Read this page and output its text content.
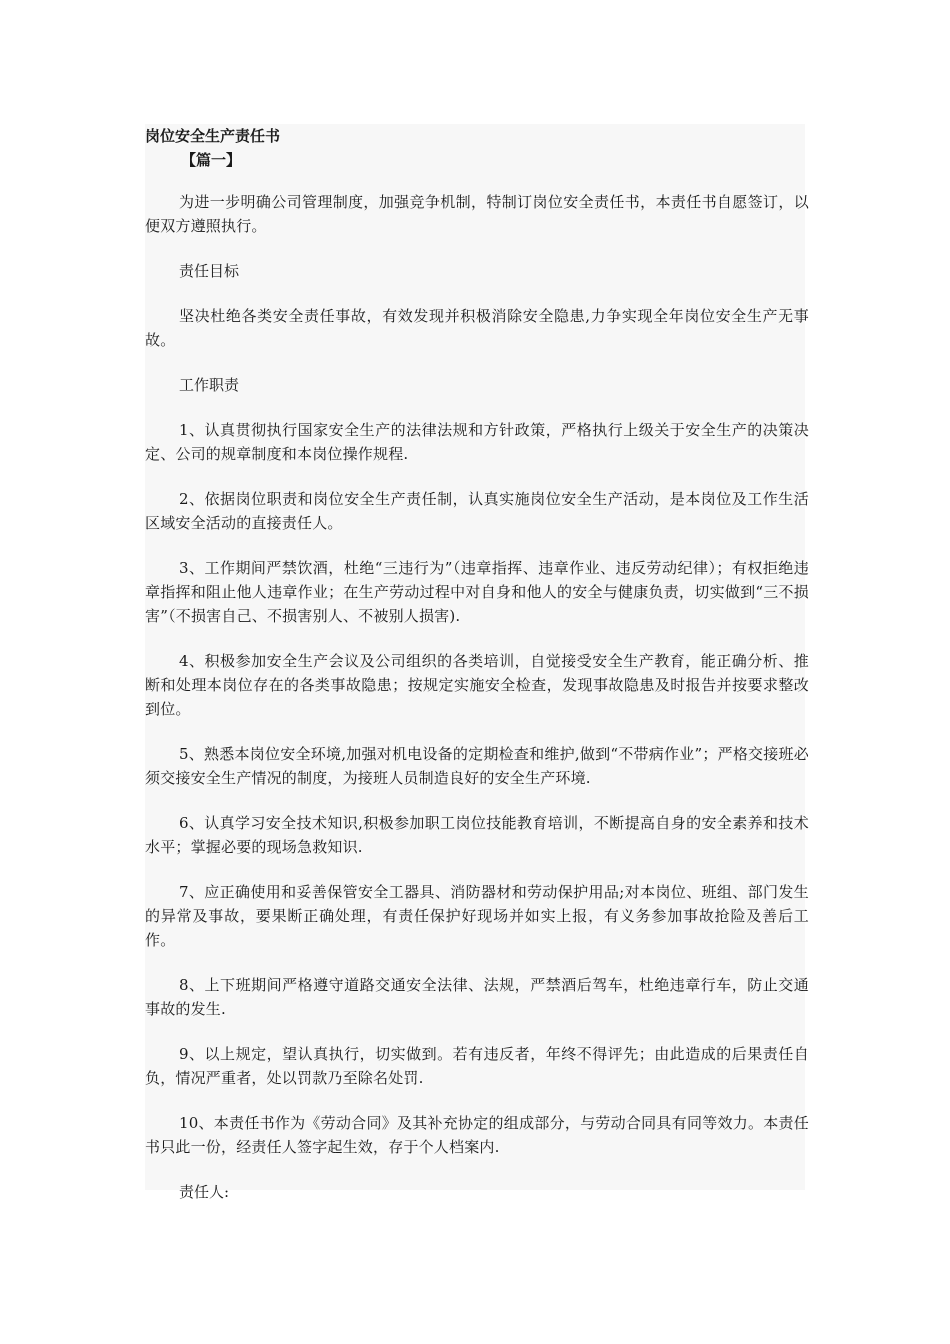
岗位安全生产责任书

【篇一】

为进一步明确公司管理制度，加强竞争机制，特制订岗位安全责任书，本责任书自愿签订，以便双方遵照执行。

责任目标

坚决杜绝各类安全责任事故，有效发现并积极消除安全隐患,力争实现全年岗位安全生产无事故。

工作职责

1、认真贯彻执行国家安全生产的法律法规和方针政策，严格执行上级关于安全生产的决策决定、公司的规章制度和本岗位操作规程.

2、依据岗位职责和岗位安全生产责任制，认真实施岗位安全生产活动，是本岗位及工作生活区域安全活动的直接责任人。

3、工作期间严禁饮酒，杜绝“三违行为”（违章指挥、违章作业、违反劳动纪律）；有权拒绝违章指挥和阻止他人违章作业；在生产劳动过程中对自身和他人的安全与健康负责，切实做到“三不损害”（不损害自己、不损害别人、不被别人损害).

4、积极参加安全生产会议及公司组织的各类培训，自觉接受安全生产教育，能正确分析、推断和处理本岗位存在的各类事故隐患；按规定实施安全检查，发现事故隐患及时报告并按要求整改到位。

5、熟悉本岗位安全环境,加强对机电设备的定期检查和维护,做到“不带病作业”；严格交接班必须交接安全生产情况的制度，为接班人员制造良好的安全生产环境.

6、认真学习安全技术知识,积极参加职工岗位技能教育培训，不断提高自身的安全素养和技术水平；掌握必要的现场急救知识.

7、应正确使用和妥善保管安全工器具、消防器材和劳动保护用品;对本岗位、班组、部门发生的异常及事故，要果断正确处理，有责任保护好现场并如实上报，有义务参加事故抢险及善后工作。

8、上下班期间严格遵守道路交通安全法律、法规，严禁酒后驾车，杜绝违章行车，防止交通事故的发生.

9、以上规定，望认真执行，切实做到。若有违反者，年终不得评先；由此造成的后果责任自负，情况严重者，处以罚款乃至除名处罚.

10、本责任书作为《劳动合同》及其补充协定的组成部分，与劳动合同具有同等效力。本责任书只此一份，经责任人签字起生效，存于个人档案内.

责任人:
